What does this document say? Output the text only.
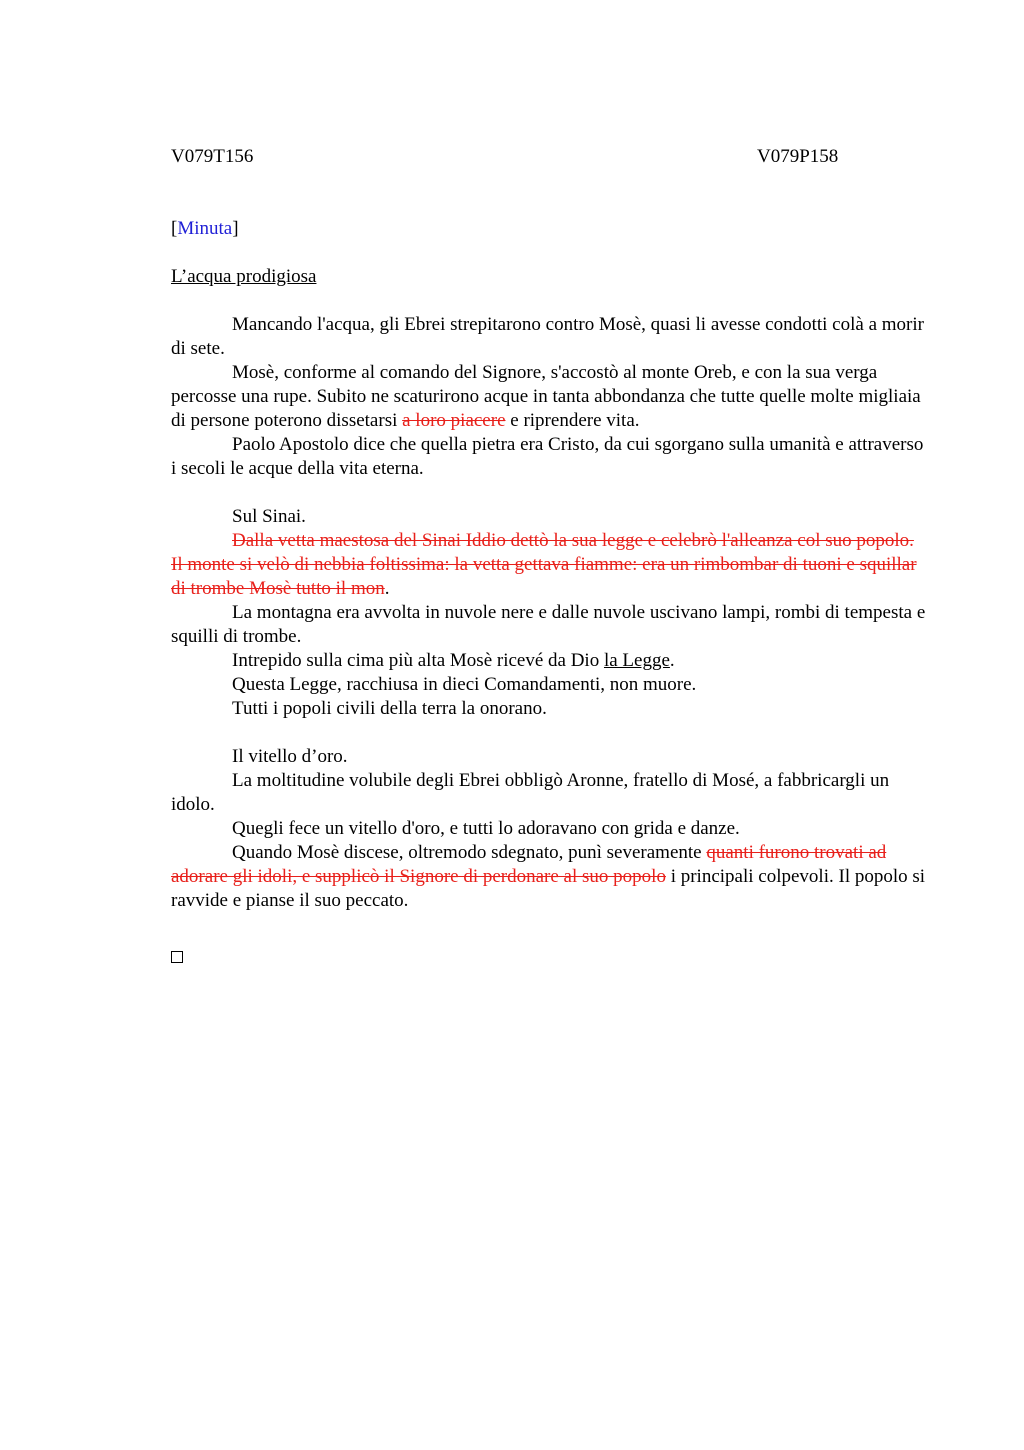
V079T156	V079P158
[Minuta]
L’acqua prodigiosa

Mancando l'acqua, gli Ebrei strepitarono contro Mosè, quasi li avesse condotti colà a morir di sete.

Mosè, conforme al comando del Signore, s'accostò al monte Oreb, e con la sua verga percosse una rupe. Subito ne scaturirono acque in tanta abbondanza che tutte quelle molte migliaia di persone poterono dissetarsi a loro piacere e riprendere vita.

Paolo Apostolo dice che quella pietra era Cristo, da cui sgorgano sulla umanità e attraverso i secoli le acque della vita eterna.

Sul Sinai.

Dalla vetta maestosa del Sinai Iddio dettò la sua legge e celebrò l'alleanza col suo popolo. Il monte si velò di nebbia foltissima: la vetta gettava fiamme: era un rimbombar di tuoni e squillar di trombe Mosè tutto il mon.

La montagna era avvolta in nuvole nere e dalle nuvole uscivano lampi, rombi di tempesta e squilli di trombe.

Intrepido sulla cima più alta Mosè ricevé da Dio la Legge.

Questa Legge, racchiusa in dieci Comandamenti, non muore.

Tutti i popoli civili della terra la onorano.

Il vitello d’oro.

La moltitudine volubile degli Ebrei obbligò Aronne, fratello di Mosé, a fabbricargli un idolo.

Quegli fece un vitello d'oro, e tutti lo adoravano con grida e danze.

Quando Mosè discese, oltremodo sdegnato, punì severamente quanti furono trovati ad adorare gli idoli, e supplicò il Signore di perdonare al suo popolo i principali colpevoli. Il popolo si ravvide e pianse il suo peccato.
